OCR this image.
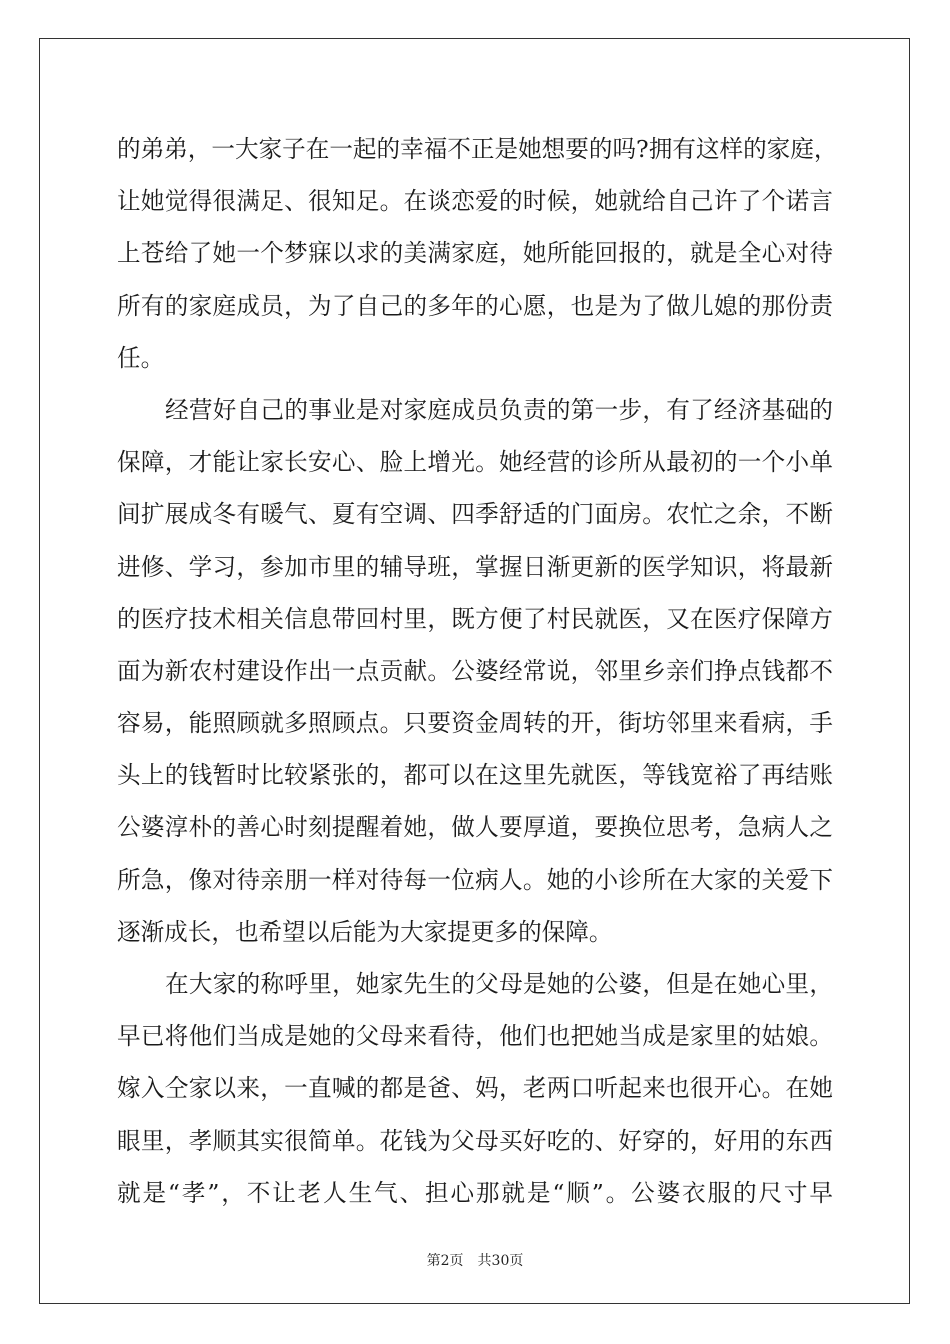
的弟弟，一大家子在一起的幸福不正是她想要的吗?拥有这样的家庭，
让她觉得很满足、很知足。在谈恋爱的时候，她就给自己许了个诺言
上苍给了她一个梦寐以求的美满家庭，她所能回报的，就是全心对待
所有的家庭成员，为了自己的多年的心愿，也是为了做儿媳的那份责
任。
经营好自己的事业是对家庭成员负责的第一步，有了经济基础的
保障，才能让家长安心、脸上增光。她经营的诊所从最初的一个小单
间扩展成冬有暖气、夏有空调、四季舒适的门面房。农忙之余，不断
进修、学习，参加市里的辅导班，掌握日渐更新的医学知识，将最新
的医疗技术相关信息带回村里，既方便了村民就医，又在医疗保障方
面为新农村建设作出一点贡献。公婆经常说，邻里乡亲们挣点钱都不
容易，能照顾就多照顾点。只要资金周转的开，街坊邻里来看病，手
头上的钱暂时比较紧张的，都可以在这里先就医，等钱宽裕了再结账
公婆淳朴的善心时刻提醒着她，做人要厚道，要换位思考，急病人之
所急，像对待亲朋一样对待每一位病人。她的小诊所在大家的关爱下
逐渐成长，也希望以后能为大家提更多的保障。
在大家的称呼里，她家先生的父母是她的公婆，但是在她心里，
早已将他们当成是她的父母来看待，他们也把她当成是家里的姑娘。
嫁入仝家以来，一直喊的都是爸、妈，老两口听起来也很开心。在她
眼里，孝顺其实很简单。花钱为父母买好吃的、好穿的，好用的东西
就是“孝”，不让老人生气、担心那就是“顺”。公婆衣服的尺寸早
第2页 共30页
